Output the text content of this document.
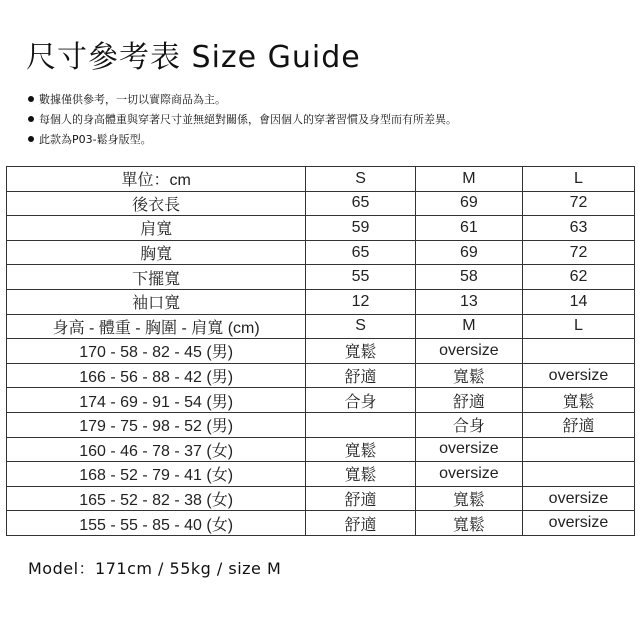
尺寸參考表 Size Guide
數據僅供參考，一切以實際商品為主。
每個人的身高體重與穿著尺寸並無絕對關係，會因個人的穿著習慣及身型而有所差異。
此款為P03-鬆身版型。
單位：cm	S	M	L
後衣長	65	69	72
肩寬	59	61	63
胸寬	65	69	72
下擺寬	55	58	62
袖口寬	12	13	14
身高 - 體重 - 胸圍 - 肩寬 (cm)	S	M	L
170 - 58 - 82 - 45 (男)	寬鬆	oversize	
166 - 56 - 88 - 42 (男)	舒適	寬鬆	oversize
174 - 69 - 91 - 54 (男)	合身	舒適	寬鬆
179 - 75 - 98 - 52 (男)		合身	舒適
160 - 46 - 78 - 37 (女)	寬鬆	oversize	
168 - 52 - 79 - 41 (女)	寬鬆	oversize	
165 - 52 - 82 - 38 (女)	舒適	寬鬆	oversize
155 - 55 - 85 - 40 (女)	舒適	寬鬆	oversize
Model：171cm / 55kg / size M
